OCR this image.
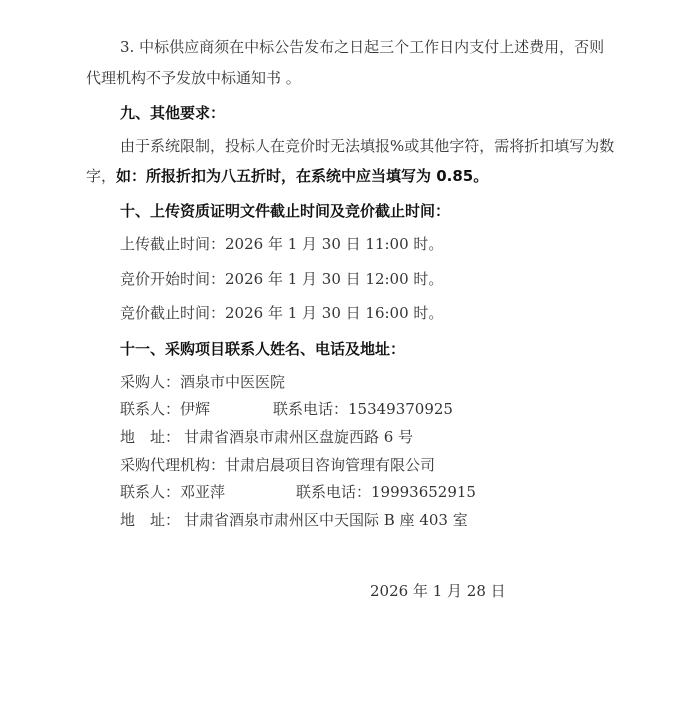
3. 中标供应商须在中标公告发布之日起三个工作日内支付上述费用，否则
代理机构不予发放中标通知书 。
九、其他要求：
由于系统限制，投标人在竞价时无法填报%或其他字符，需将折扣填写为数
字，如：所报折扣为八五折时，在系统中应当填写为 0.85。
十、上传资质证明文件截止时间及竞价截止时间：
上传截止时间：2026 年 1 月 30 日 11:00 时。
竞价开始时间：2026 年 1 月 30 日 12:00 时。
竞价截止时间：2026 年 1 月 30 日 16:00 时。
十一、采购项目联系人姓名、电话及地址：
采购人：酒泉市中医医院
联系人：伊辉	联系电话：15349370925
地　址： 甘肃省酒泉市肃州区盘旋西路 6 号
采购代理机构：甘肃启晨项目咨询管理有限公司
联系人：邓亚萍	联系电话：19993652915
地　址： 甘肃省酒泉市肃州区中天国际 B 座 403 室
2026 年 1 月 28 日
